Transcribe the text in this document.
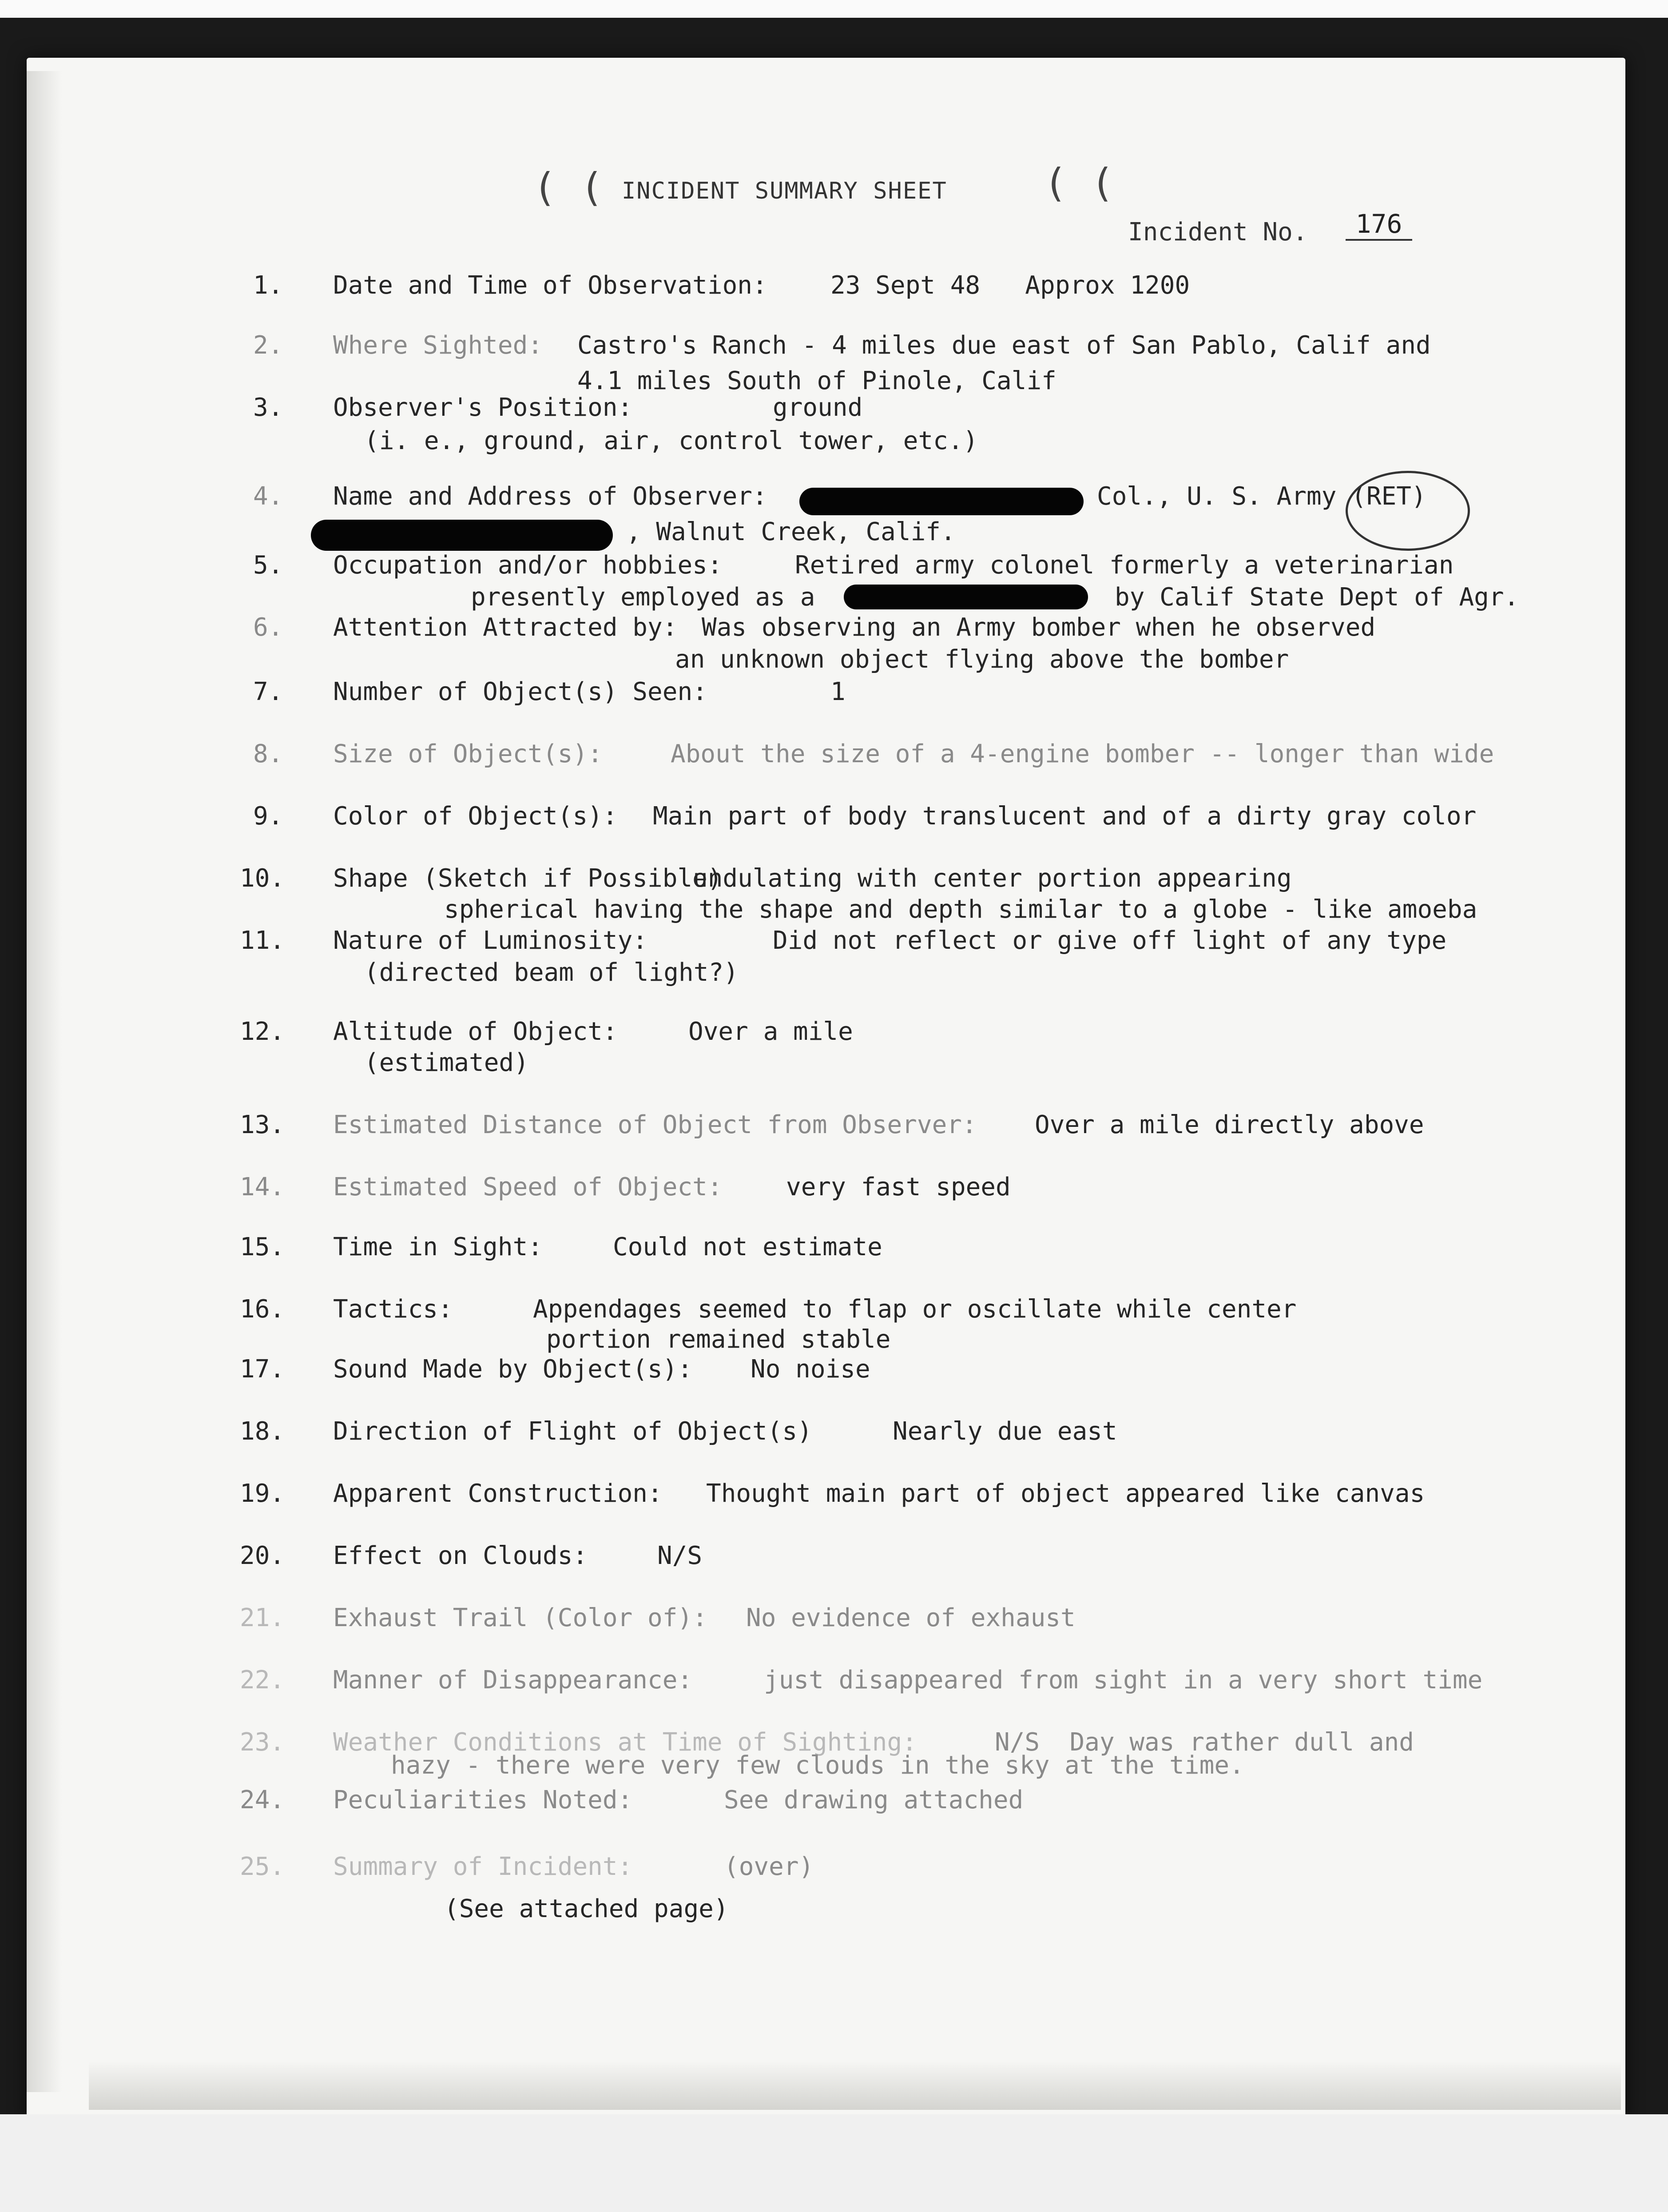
( ( INCIDENT SUMMARY SHEET ( (
Incident No.	176

1.

Date and Time of Observation:

	23 Sept 48   Approx 1200

2.

Where Sighted:

Castro's Ranch - 4 miles due east of San Pablo, Calif and

4.1 miles South of Pinole, Calif

3.

Observer's Position:

	ground

(i. e., ground, air, control tower, etc.)

4.

Name and Address of Observer:

	Col., U. S. Army (RET)

, Walnut Creek, Calif.

5.

Occupation and/or hobbies:

	Retired army colonel formerly a veterinarian

presently employed as a

	by Calif State Dept of Agr.

6.

Attention Attracted by:

Was observing an Army bomber when he observed

an unknown object flying above the bomber

7.

Number of Object(s) Seen:

	1

8.

Size of Object(s):

	About the size of a 4-engine bomber -- longer than wide

9.

Color of Object(s):

Main part of body translucent and of a dirty gray color

10.

Shape (Sketch if Possible)

undulating with center portion appearing

spherical having the shape and depth similar to a globe - like amoeba

11.

Nature of Luminosity:

	Did not reflect or give off light of any type

(directed beam of light?)

12.

Altitude of Object:

	Over a mile

(estimated)

13.

Estimated Distance of Object from Observer:

Over a mile directly above

14.

Estimated Speed of Object:

	very fast speed

15.

Time in Sight:

	Could not estimate

16.

Tactics:

	Appendages seemed to flap or oscillate while center

portion remained stable

17.

Sound Made by Object(s):

No noise

18.

Direction of Flight of Object(s)

	Nearly due east

19.

Apparent Construction:

Thought main part of object appeared like canvas

20.

Effect on Clouds:

	N/S

21.

Exhaust Trail (Color of):

No evidence of exhaust

22.

Manner of Disappearance:

	just disappeared from sight in a very short time

23.

Weather Conditions at Time of Sighting:

	N/S  Day was rather dull and

hazy - there were very few clouds in the sky at the time.

24.

Peculiarities Noted:

	See drawing attached

25.

Summary of Incident:

	(over)

(See attached page)
